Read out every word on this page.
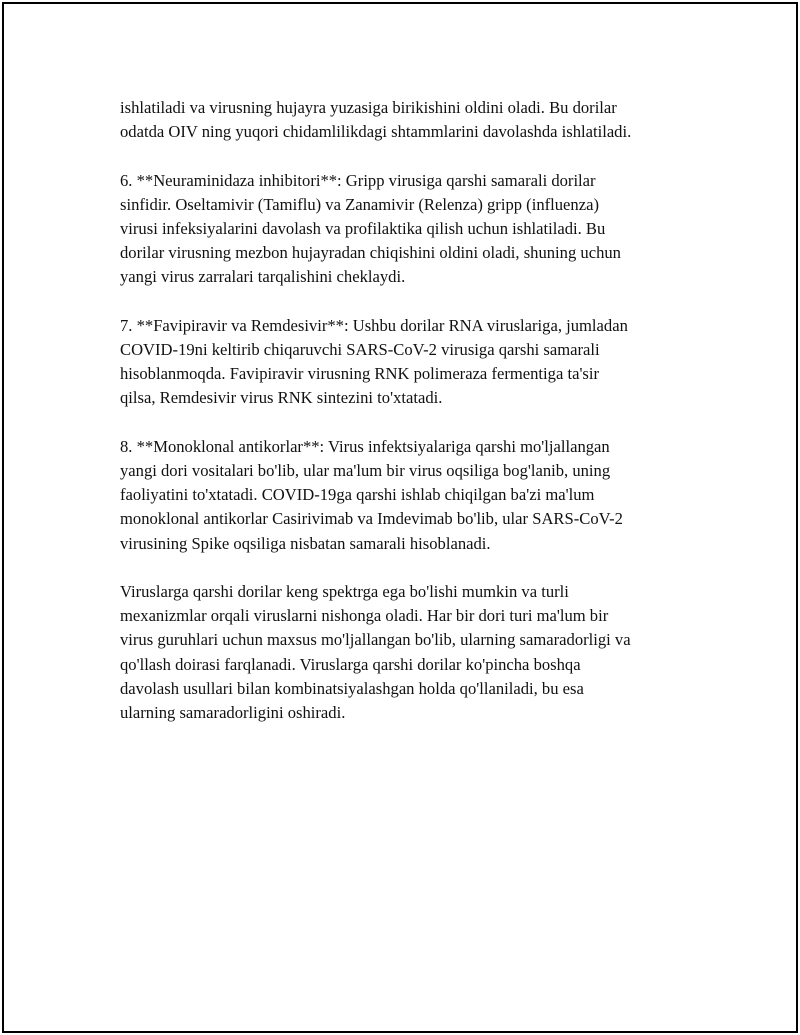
ishlatiladi va virusning hujayra yuzasiga birikishini oldini oladi. Bu dorilar
odatda OIV ning yuqori chidamlilikdagi shtammlarini davolashda ishlatiladi.

6. **Neuraminidaza inhibitori**: Gripp virusiga qarshi samarali dorilar
sinfidir. Oseltamivir (Tamiflu) va Zanamivir (Relenza) gripp (influenza)
virusi infeksiyalarini davolash va profilaktika qilish uchun ishlatiladi. Bu
dorilar virusning mezbon hujayradan chiqishini oldini oladi, shuning uchun
yangi virus zarralari tarqalishini cheklaydi.

7. **Favipiravir va Remdesivir**: Ushbu dorilar RNA viruslariga, jumladan
COVID-19ni keltirib chiqaruvchi SARS-CoV-2 virusiga qarshi samarali
hisoblanmoqda. Favipiravir virusning RNK polimeraza fermentiga ta'sir
qilsa, Remdesivir virus RNK sintezini to'xtatadi.

8. **Monoklonal antikorlar**: Virus infektsiyalariga qarshi mo'ljallangan
yangi dori vositalari bo'lib, ular ma'lum bir virus oqsiliga bog'lanib, uning
faoliyatini to'xtatadi. COVID-19ga qarshi ishlab chiqilgan ba'zi ma'lum
monoklonal antikorlar Casirivimab va Imdevimab bo'lib, ular SARS-CoV-2
virusining Spike oqsiliga nisbatan samarali hisoblanadi.

Viruslarga qarshi dorilar keng spektrga ega bo'lishi mumkin va turli
mexanizmlar orqali viruslarni nishonga oladi. Har bir dori turi ma'lum bir
virus guruhlari uchun maxsus mo'ljallangan bo'lib, ularning samaradorligi va
qo'llash doirasi farqlanadi. Viruslarga qarshi dorilar ko'pincha boshqa
davolash usullari bilan kombinatsiyalashgan holda qo'llaniladi, bu esa
ularning samaradorligini oshiradi.
